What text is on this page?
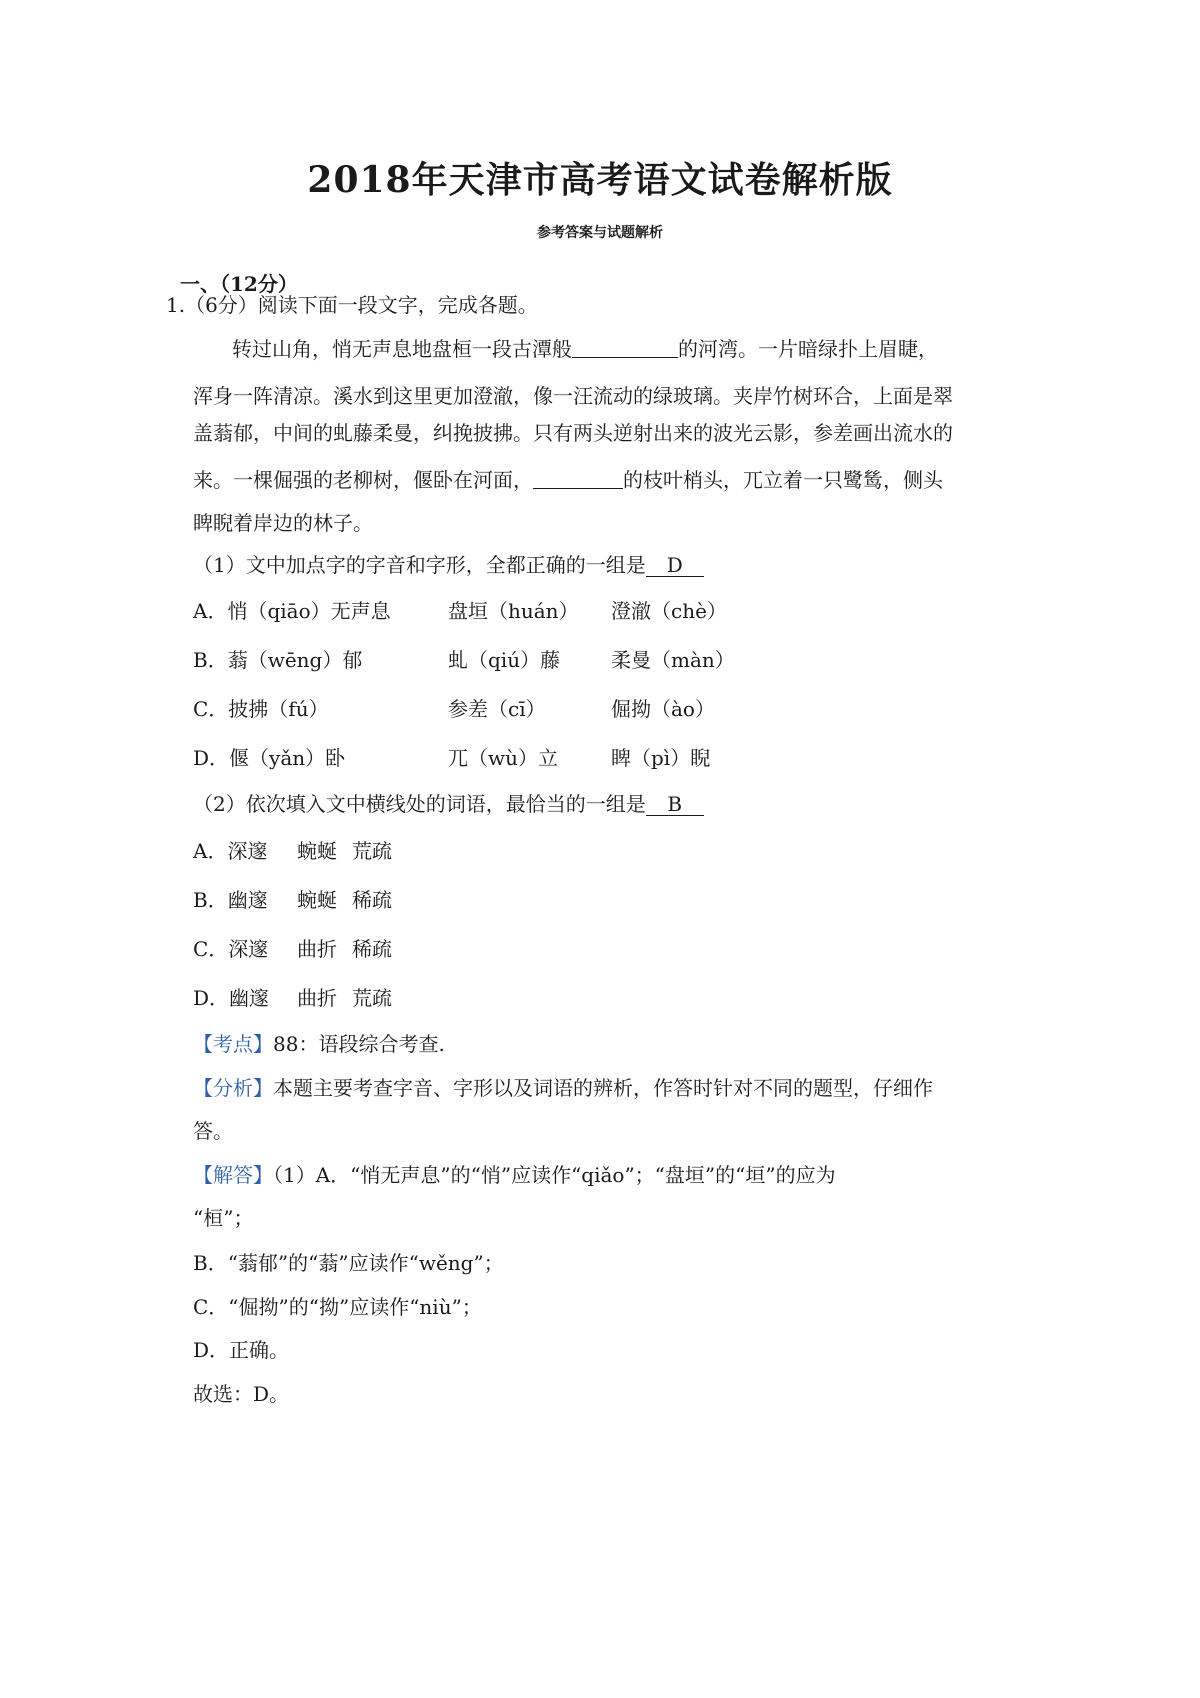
2018年天津市高考语文试卷解析版
参考答案与试题解析
一、（12分）
1.（6分）阅读下面一段文字，完成各题。
转过山角，悄无声息地盘桓一段古潭般	的河湾。一片暗绿扑上眉睫，
浑身一阵清凉。溪水到这里更加澄澈，像一汪流动的绿玻璃。夹岸竹树环合，上面是翠
盖蓊郁，中间的虬藤柔曼，纠挽披拂。只有两头逆射出来的波光云影，参差画出流水的
来。一棵倔强的老柳树，偃卧在河面，	的枝叶梢头，兀立着一只鹭鸶，侧头
睥睨着岸边的林子。
（1）文中加点字的字音和字形，全都正确的一组是 D
A．悄（qiāo）无声息	盘垣（huán） 澄澈（chè）
B．蓊（wēng）郁	虬（qiú）藤	柔曼（màn）
C．披拂（fú）	参差（cī）	倔拗（ào）
D．偃（yǎn）卧	兀（wù）立	睥（pì）睨
（2）依次填入文中横线处的词语，最恰当的一组是 B
A．深邃 蜿蜒 荒疏
B．幽邃 蜿蜒 稀疏
C．深邃 曲折 稀疏
D．幽邃 曲折 荒疏
【考点】88：语段综合考查.
【分析】本题主要考查字音、字形以及词语的辨析，作答时针对不同的题型，仔细作
答。
【解答】（1）A．“悄无声息”的“悄”应读作“qiǎo”；“盘垣”的“垣”的应为
“桓”；
B．“蓊郁”的“蓊”应读作“wěng”；
C．“倔拗”的“拗”应读作“niù”；
D．正确。
故选：D。
